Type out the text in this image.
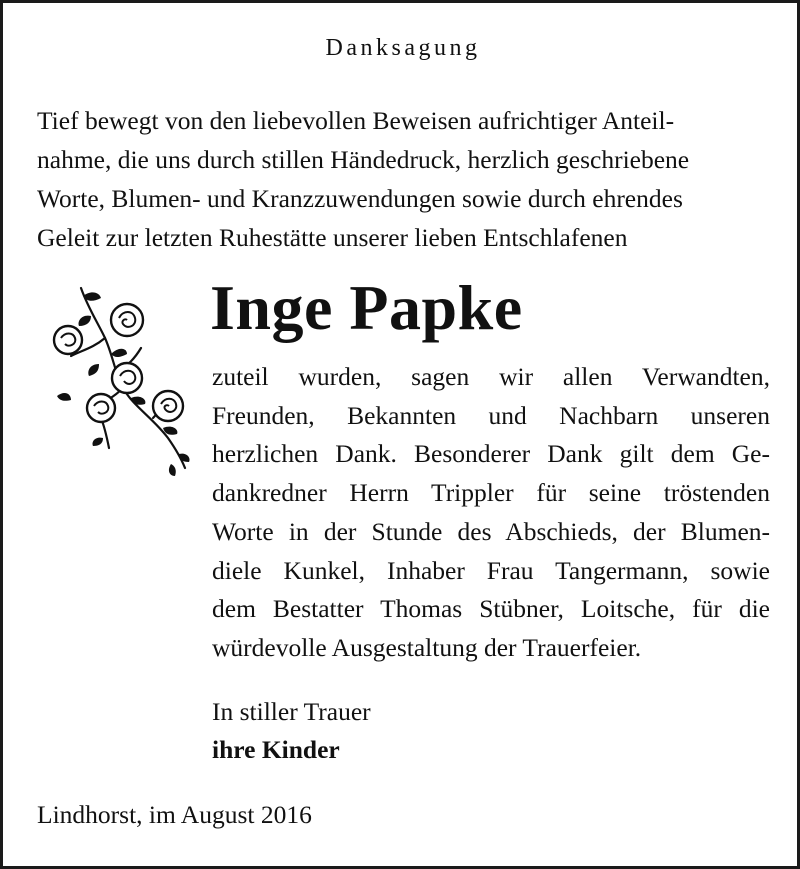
Danksagung

Tief bewegt von den liebevollen Beweisen aufrichtiger Anteil-
nahme, die uns durch stillen Händedruck, herzlich geschriebene
Worte, Blumen- und Kranzzuwendungen sowie durch ehrendes
Geleit zur letzten Ruhestätte unserer lieben Entschlafenen

Inge Papke

zuteil wurden, sagen wir allen Verwandten,
Freunden, Bekannten und Nachbarn unseren
herzlichen Dank. Besonderer Dank gilt dem Ge-
dankredner Herrn Trippler für seine tröstenden
Worte in der Stunde des Abschieds, der Blumen-
diele Kunkel, Inhaber Frau Tangermann, sowie
dem Bestatter Thomas Stübner, Loitsche, für die
würdevolle Ausgestaltung der Trauerfeier.

In stiller Trauer
ihre Kinder

Lindhorst, im August 2016
